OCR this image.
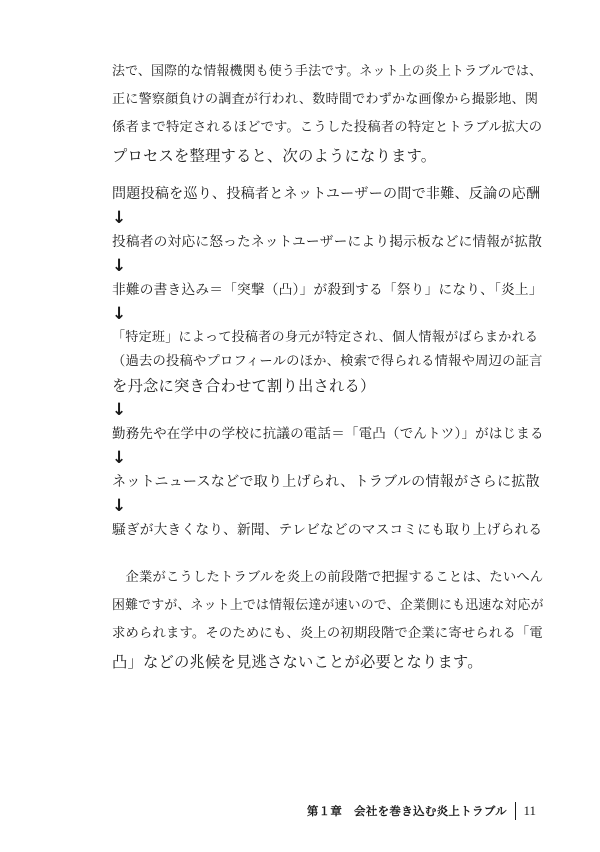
法で、国際的な情報機関も使う手法です。ネット上の炎上トラブルでは、
正に警察顔負けの調査が行われ、数時間でわずかな画像から撮影地、関
係者まで特定されるほどです。こうした投稿者の特定とトラブル拡大の
プロセスを整理すると、次のようになります。
問題投稿を巡り、投稿者とネットユーザーの間で非難、反論の応酬
↓
投稿者の対応に怒ったネットユーザーにより掲示板などに情報が拡散
↓
非難の書き込み＝「突撃（凸）」が殺到する「祭り」になり、「炎上」
↓
「特定班」によって投稿者の身元が特定され、個人情報がばらまかれる
（過去の投稿やプロフィールのほか、検索で得られる情報や周辺の証言
を丹念に突き合わせて割り出される）
↓
勤務先や在学中の学校に抗議の電話＝「電凸（でんトツ）」がはじまる
↓
ネットニュースなどで取り上げられ、トラブルの情報がさらに拡散
↓
騒ぎが大きくなり、新聞、テレビなどのマスコミにも取り上げられる
　企業がこうしたトラブルを炎上の前段階で把握することは、たいへん
困難ですが、ネット上では情報伝達が速いので、企業側にも迅速な対応が
求められます。そのためにも、炎上の初期段階で企業に寄せられる「電
凸」などの兆候を見逃さないことが必要となります。
第１章　会社を巻き込む炎上トラブル 11
